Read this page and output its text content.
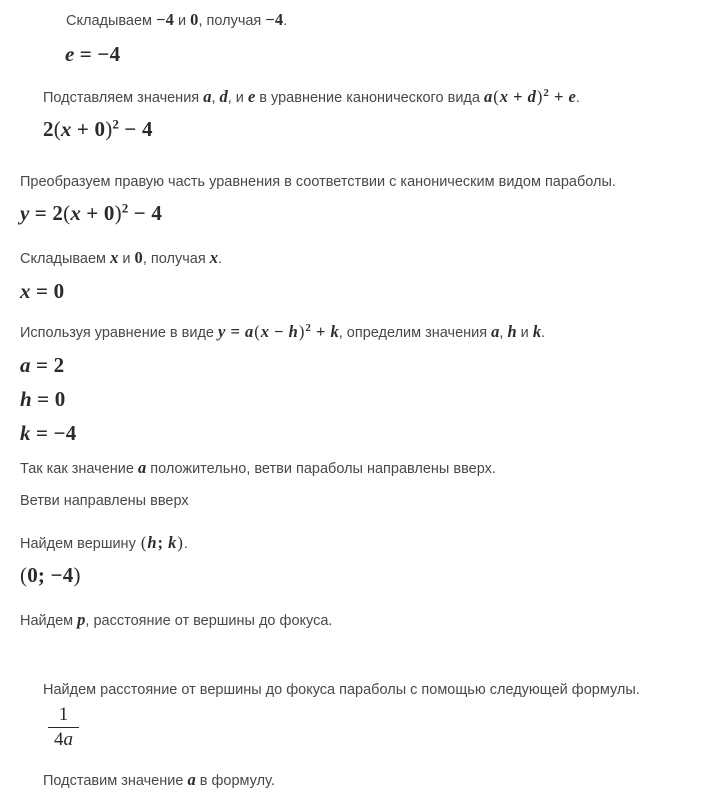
Складываем −4 и 0, получая −4.
e = −4
Подставляем значения a, d, и e в уравнение канонического вида $a(x + d)^2 + e$.
$2(x + 0)^2 - 4$
Преобразуем правую часть уравнения в соответствии с каноническим видом параболы.
$y = 2(x + 0)^2 - 4$
Складываем x и 0, получая x.
x = 0
Используя уравнение в виде $y = a(x - h)^2 + k$, определим значения a, h и k.
a = 2
h = 0
k = −4
Так как значение a положительно, ветви параболы направлены вверх.
Ветви направлены вверх
Найдем вершину (h; k).
(0; −4)
Найдем p, расстояние от вершины до фокуса.
Найдем расстояние от вершины до фокуса параболы с помощью следующей формулы.
$\frac{1}{4a}$
Подставим значение a в формулу.
